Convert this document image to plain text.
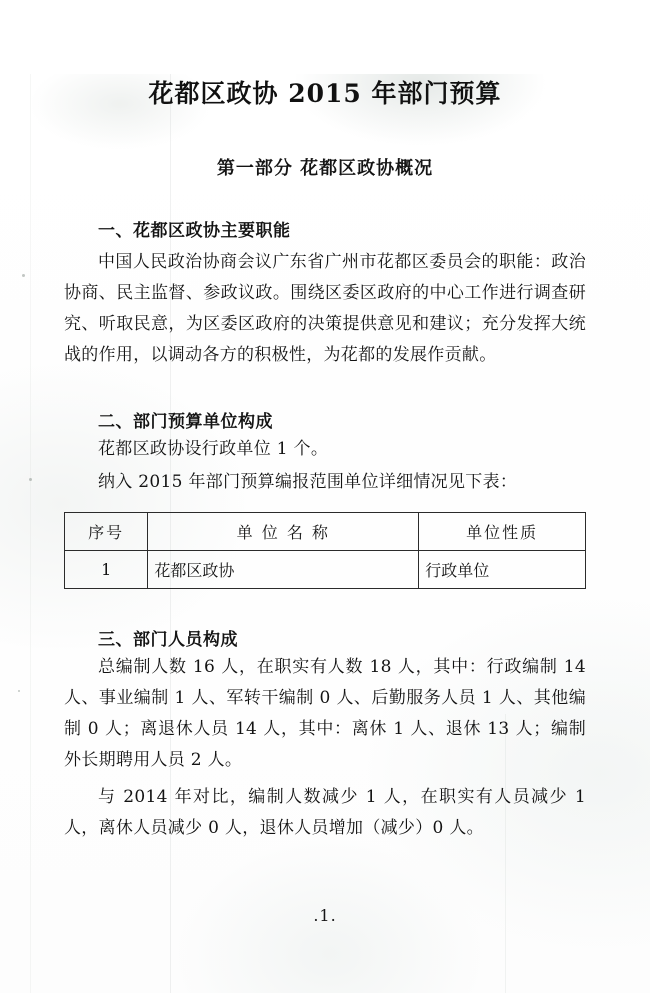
花都区政协 2015 年部门预算
第一部分 花都区政协概况
一、花都区政协主要职能
中国人民政治协商会议广东省广州市花都区委员会的职能：政治协商、民主监督、参政议政。围绕区委区政府的中心工作进行调查研究、听取民意，为区委区政府的决策提供意见和建议；充分发挥大统战的作用，以调动各方的积极性，为花都的发展作贡献。
二、部门预算单位构成
花都区政协设行政单位 1 个。
纳入 2015 年部门预算编报范围单位详细情况见下表：
序号	单 位 名 称	单位性质
1	花都区政协	行政单位
三、部门人员构成
总编制人数 16 人，在职实有人数 18 人，其中：行政编制 14 人、事业编制 1 人、军转干编制 0 人、后勤服务人员 1 人、其他编制 0 人；离退休人员 14 人，其中：离休 1 人、退休 13 人；编制外长期聘用人员 2 人。
与 2014 年对比，编制人数减少 1 人，在职实有人员减少 1 人，离休人员减少 0 人，退休人员增加（减少）0 人。
.1.
